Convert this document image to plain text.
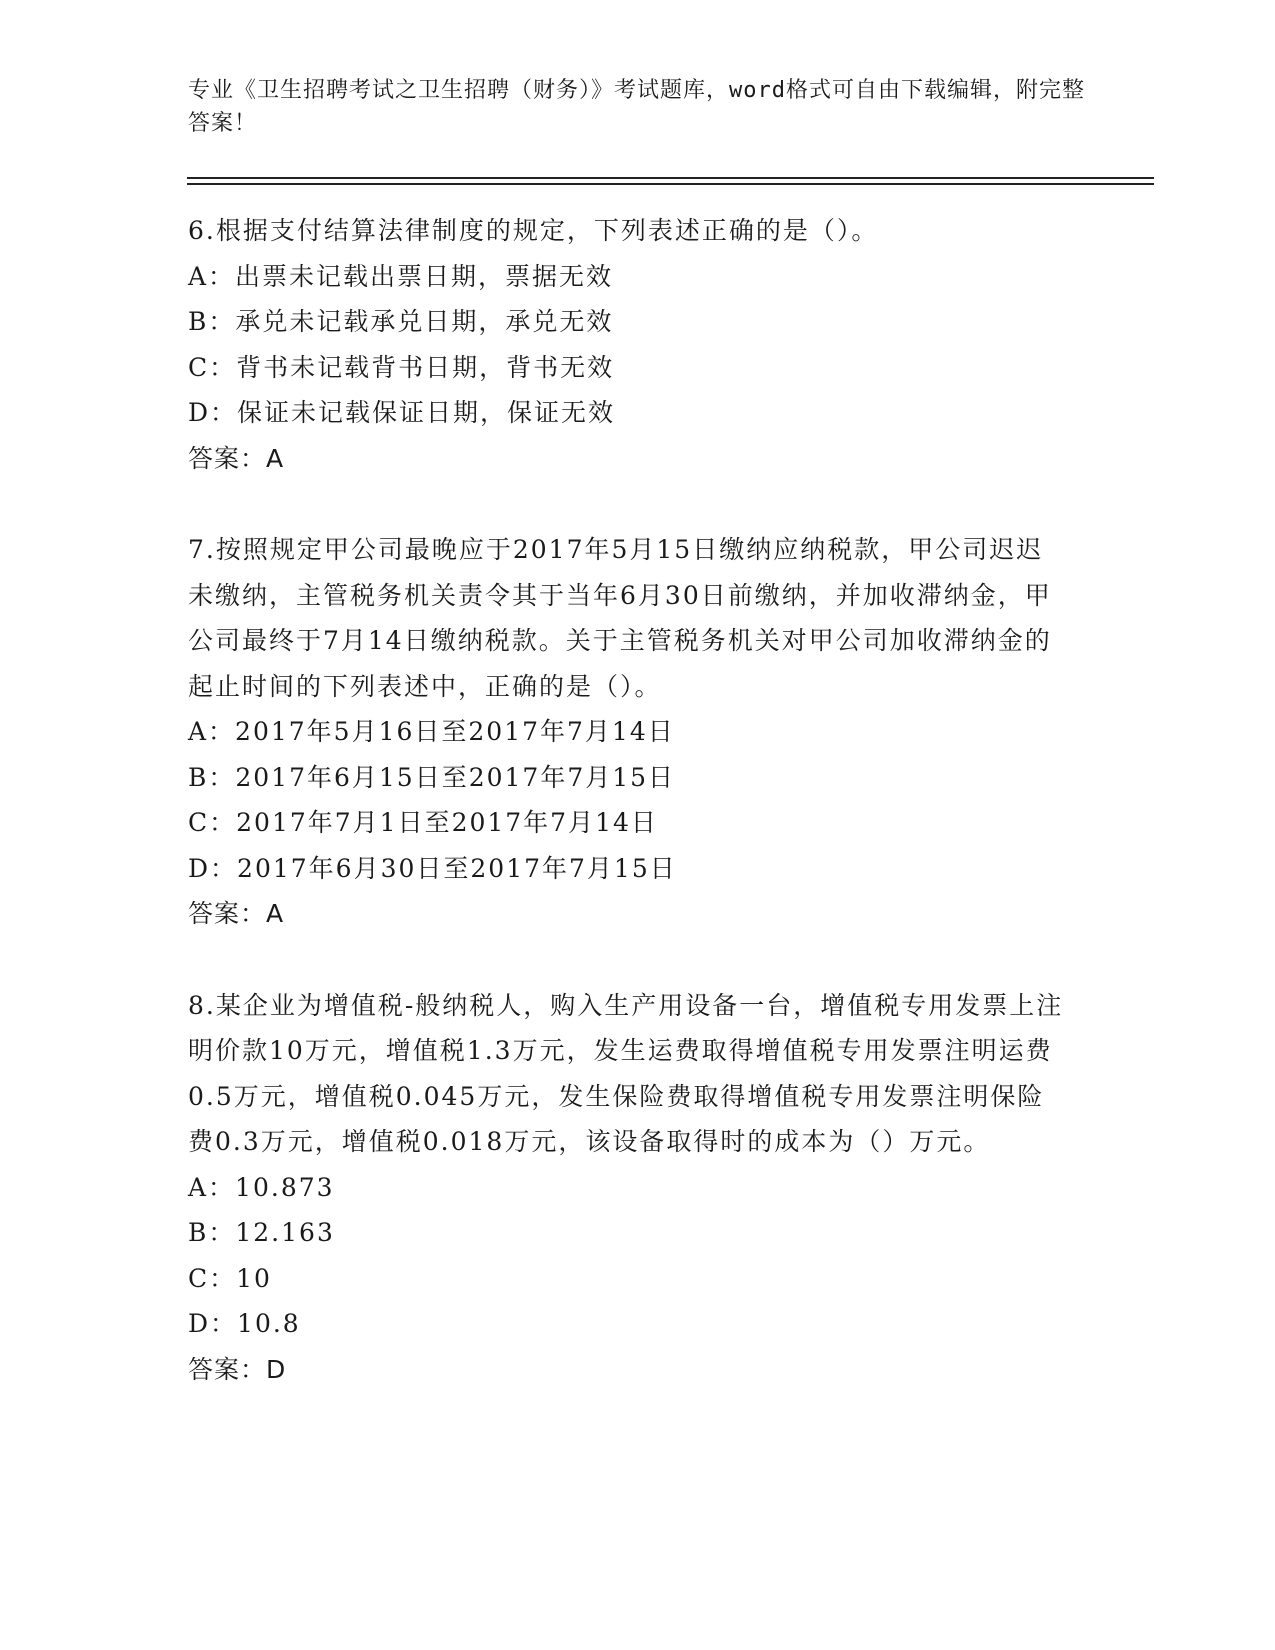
专业《卫生招聘考试之卫生招聘（财务）》考试题库，word格式可自由下载编辑，附完整答案！
6.根据支付结算法律制度的规定，下列表述正确的是（）。
A：出票未记载出票日期，票据无效
B：承兑未记载承兑日期，承兑无效
C：背书未记载背书日期，背书无效
D：保证未记载保证日期，保证无效
答案：A
7.按照规定甲公司最晚应于2017年5月15日缴纳应纳税款，甲公司迟迟未缴纳，主管税务机关责令其于当年6月30日前缴纳，并加收滞纳金，甲公司最终于7月14日缴纳税款。关于主管税务机关对甲公司加收滞纳金的起止时间的下列表述中，正确的是（）。
A：2017年5月16日至2017年7月14日
B：2017年6月15日至2017年7月15日
C：2017年7月1日至2017年7月14日
D：2017年6月30日至2017年7月15日
答案：A
8.某企业为增值税-般纳税人，购入生产用设备一台，增值税专用发票上注明价款10万元，增值税1.3万元，发生运费取得增值税专用发票注明运费0.5万元，增值税0.045万元，发生保险费取得增值税专用发票注明保险费0.3万元，增值税0.018万元，该设备取得时的成本为（）万元。
A：10.873
B：12.163
C：10
D：10.8
答案：D
